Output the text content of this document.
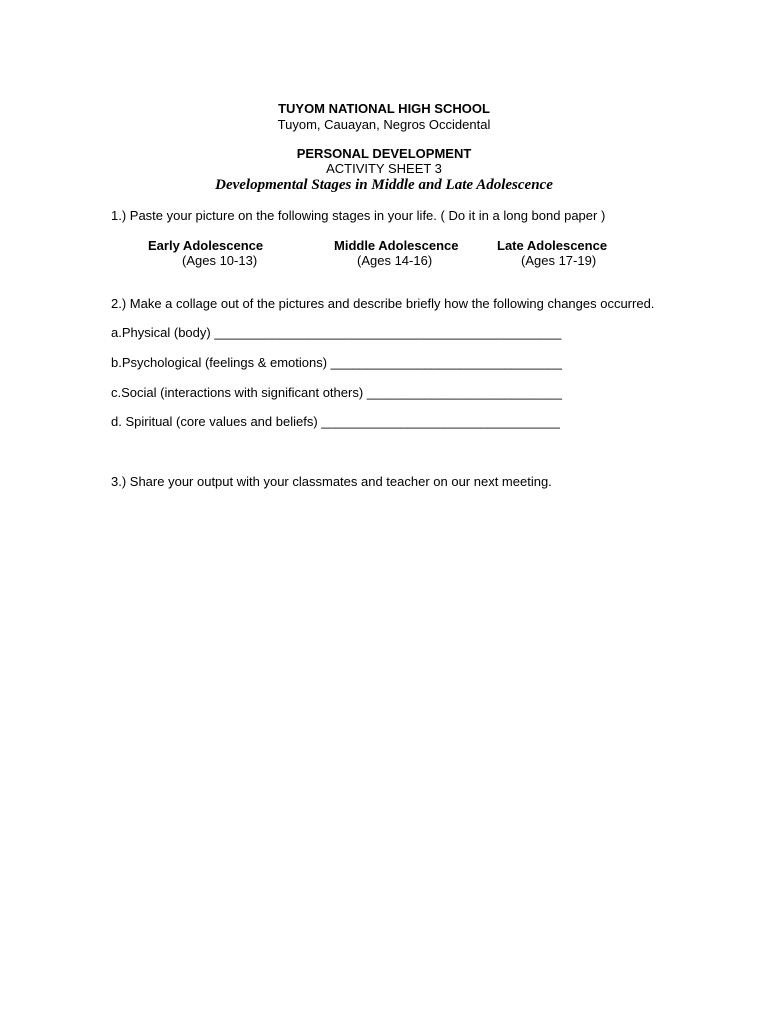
TUYOM NATIONAL HIGH SCHOOL
Tuyom, Cauayan, Negros Occidental
PERSONAL DEVELOPMENT
ACTIVITY SHEET 3
Developmental Stages in Middle and Late Adolescence
1.) Paste your picture on the following stages in your life. ( Do it in a long bond paper )
Early Adolescence
(Ages 10-13)
Middle Adolescence
(Ages 14-16)
Late Adolescence
(Ages 17-19)
2.) Make a collage out of the pictures and describe briefly how the following changes occurred.
a.Physical (body) ________________________________________________
b.Psychological (feelings & emotions) ________________________________
c.Social (interactions with significant others) ___________________________
d. Spiritual (core values and beliefs) _________________________________
3.) Share your output with your classmates and teacher on our next meeting.
